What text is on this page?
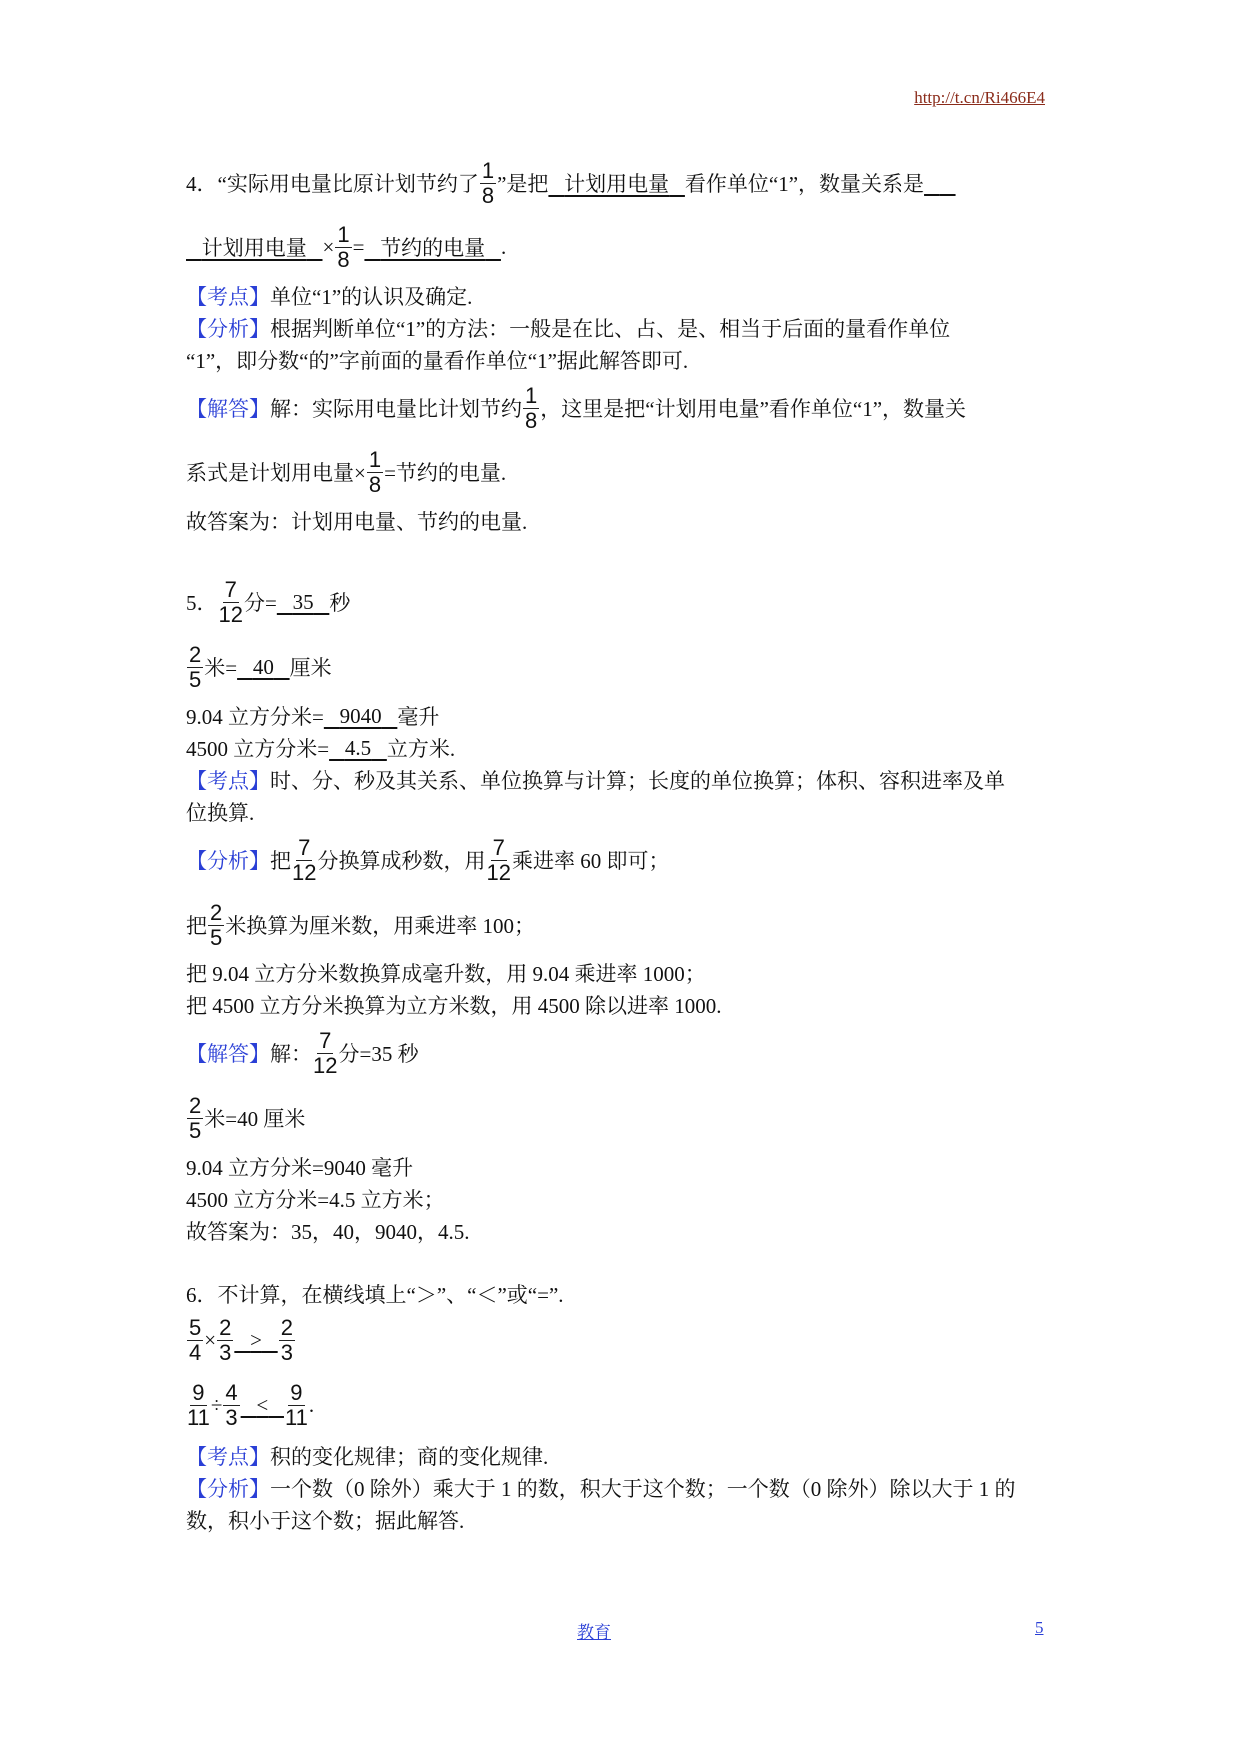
http://t.cn/Ri466E4
4．“实际用电量比原计划节约了 $\frac{1}{8}$ ”是把 计划用电量 看作单位“1”，数量关系是
计划用电量 × $\frac{1}{8}$ = 节约的电量 .
【考点】 单位“1”的认识及确定.
【分析】 根据判断单位“1”的方法：一般是在比、占、是、相当于后面的量看作单位
“1”，即分数“的”字前面的量看作单位“1”据此解答即可.
【解答】 解：实际用电量比计划节约 $\frac{1}{8}$ ，这里是把“计划用电量”看作单位“1”，数量关
系式是计划用电量× $\frac{1}{8}$ =节约的电量.
故答案为：计划用电量、节约的电量.
5． $\frac{7}{12}$ 分= 35 秒
$\frac{2}{5}$ 米= 40 厘米
9.04 立方分米= 9040 毫升
4500 立方分米= 4.5 立方米.
【考点】 时、分、秒及其关系、单位换算与计算；长度的单位换算；体积、容积进率及单
位换算.
【分析】 把 $\frac{7}{12}$ 分换算成秒数，用 $\frac{7}{12}$ 乘进率 60 即可；
把 $\frac{2}{5}$ 米换算为厘米数，用乘进率 100；
把 9.04 立方分米数换算成毫升数，用 9.04 乘进率 1000；
把 4500 立方分米换算为立方米数，用 4500 除以进率 1000.
【解答】 解： $\frac{7}{12}$ 分=35 秒
$\frac{2}{5}$ 米=40 厘米
9.04 立方分米=9040 毫升
4500 立方分米=4.5 立方米；
故答案为：35，40，9040，4.5.
6．不计算，在横线填上“＞”、“＜”或“=”.
$\frac{5}{4} \times \frac{2}{3} > \frac{2}{3}$
$\frac{9}{11} \div \frac{4}{3} < \frac{9}{11}$ .
【考点】 积的变化规律；商的变化规律.
【分析】 一个数（0 除外）乘大于 1 的数，积大于这个数；一个数（0 除外）除以大于 1 的
数，积小于这个数；据此解答.
教育	5
